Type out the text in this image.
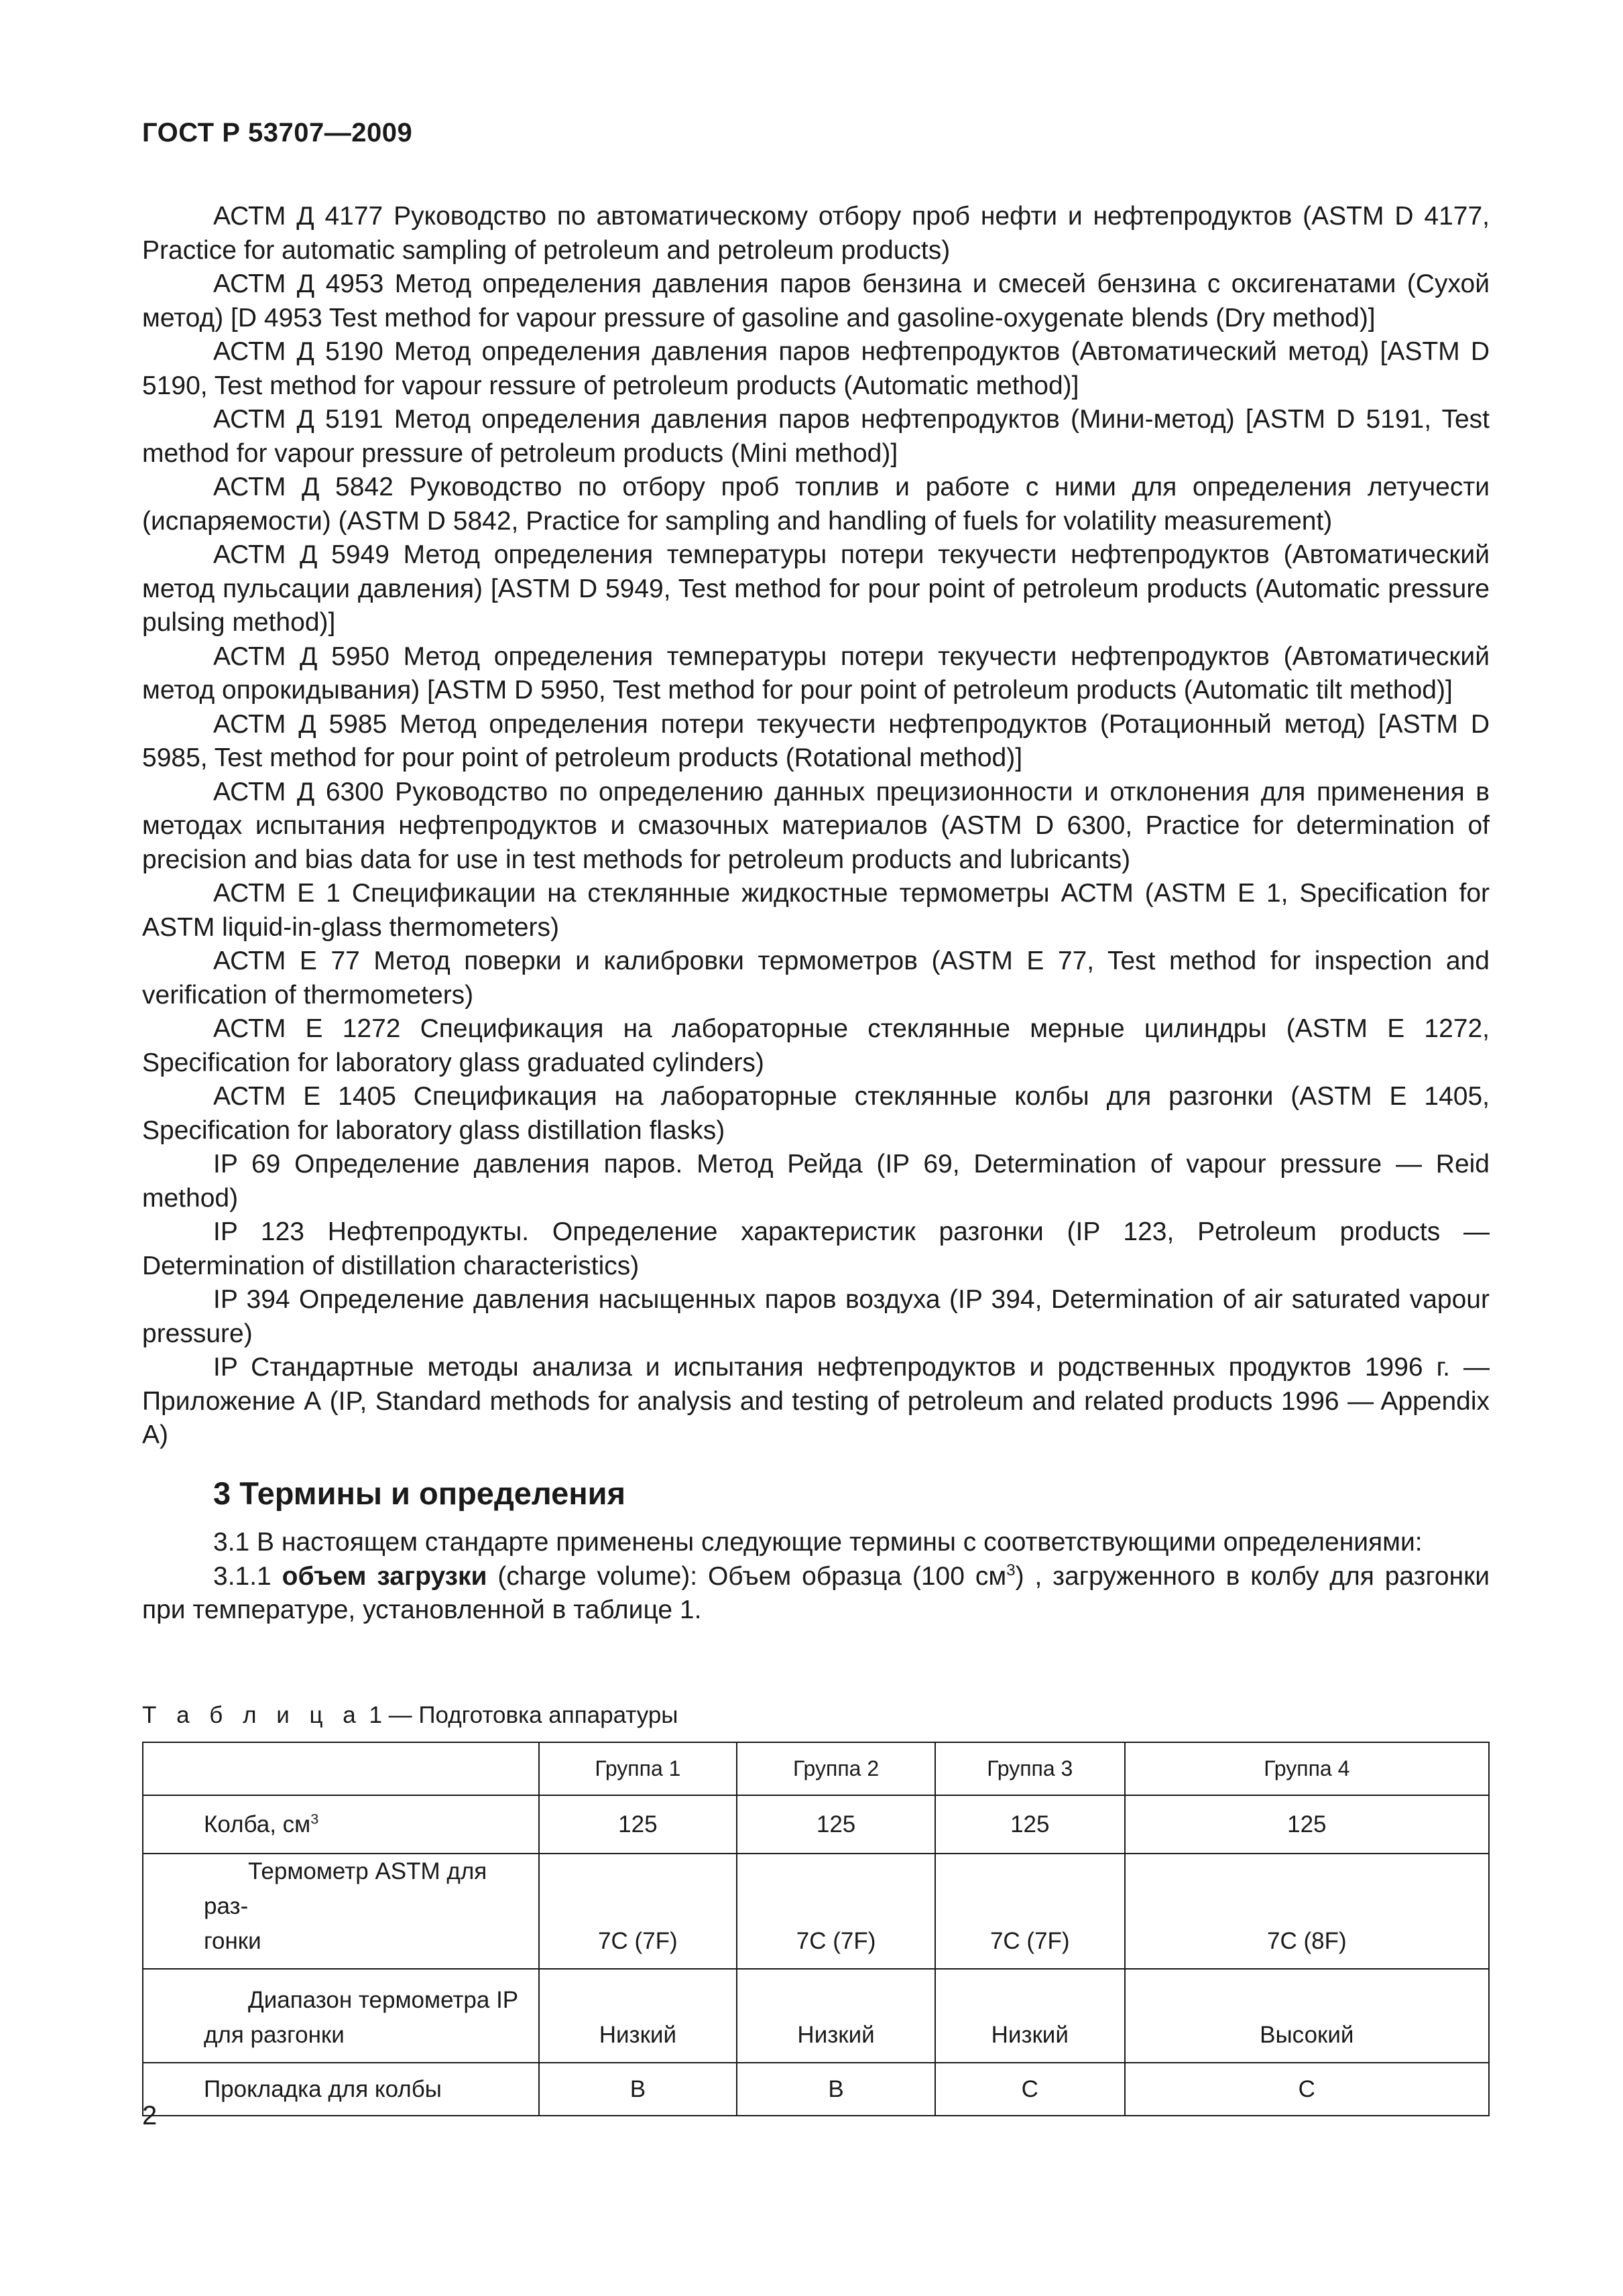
ГОСТ Р 53707—2009

АСТМ Д 4177 Руководство по автоматическому отбору проб нефти и нефтепродуктов (ASTM D 4177, Practice for automatic sampling of petroleum and petroleum products)

АСТМ Д 4953 Метод определения давления паров бензина и смесей бензина с оксигенатами (Сухой метод) [D 4953 Test method for vapour pressure of gasoline and gasoline-oxygenate blends (Dry method)]

АСТМ Д 5190 Метод определения давления паров нефтепродуктов (Автоматический метод) [ASTM D 5190, Test method for vapour ressure of petroleum products (Automatic method)]

АСТМ Д 5191 Метод определения давления паров нефтепродуктов (Мини-метод) [ASTM D 5191, Test method for vapour pressure of petroleum products (Mini method)]

АСТМ Д 5842 Руководство по отбору проб топлив и работе с ними для определения летучести (испаряемости) (ASTM D 5842, Practice for sampling and handling of fuels for volatility measurement)

АСТМ Д 5949 Метод определения температуры потери текучести нефтепродуктов (Автоматический метод пульсации давления) [ASTM D 5949, Test method for pour point of petroleum products (Automatic pressure pulsing method)]

АСТМ Д 5950 Метод определения температуры потери текучести нефтепродуктов (Автоматический метод опрокидывания) [ASTM D 5950, Test method for pour point of petroleum products (Automatic tilt method)]

АСТМ Д 5985 Метод определения потери текучести нефтепродуктов (Ротационный метод) [ASTM D 5985, Test method for pour point of petroleum products (Rotational method)]

АСТМ Д 6300 Руководство по определению данных прецизионности и отклонения для применения в методах испытания нефтепродуктов и смазочных материалов (ASTM D 6300, Practice for determination of precision and bias data for use in test methods for petroleum products and lubricants)

АСТМ Е 1 Спецификации на стеклянные жидкостные термометры АСТМ (ASTM E 1, Specification for ASTM liquid-in-glass thermometers)

АСТМ Е 77 Метод поверки и калибровки термометров (ASTM E 77, Test method for inspection and verification of thermometers)

АСТМ Е 1272 Спецификация на лабораторные стеклянные мерные цилиндры (ASTM E 1272, Specification for laboratory glass graduated cylinders)

АСТМ Е 1405 Спецификация на лабораторные стеклянные колбы для разгонки (ASTM E 1405, Specification for laboratory glass distillation flasks)

IP 69 Определение давления паров. Метод Рейда (IP 69, Determination of vapour pressure — Reid method)

IP 123 Нефтепродукты. Определение характеристик разгонки (IP 123, Petroleum products — Determination of distillation characteristics)

IP 394 Определение давления насыщенных паров воздуха (IP 394, Determination of air saturated vapour pressure)

IP Стандартные методы анализа и испытания нефтепродуктов и родственных продуктов 1996 г. — Приложение А (IP, Standard methods for analysis and testing of petroleum and related products 1996 — Appendix A)

3 Термины и определения

3.1 В настоящем стандарте применены следующие термины с соответствующими определениями:

3.1.1 объем загрузки (charge volume): Объем образца (100 $см^3$) , загруженного в колбу для разгонки при температуре, установленной в таблице 1.

Т а б л и ц а 1 — Подготовка аппаратуры
	Группа 1	Группа 2	Группа 3	Группа 4
Колба, $см^3$	125	125	125	125
Термометр ASTM для раз-
гонки	7C (7F)	7C (7F)	7C (7F)	7C (8F)
Диапазон термометра IP
для разгонки	Низкий	Низкий	Низкий	Высокий
Прокладка для колбы	В	В	С	С
2
